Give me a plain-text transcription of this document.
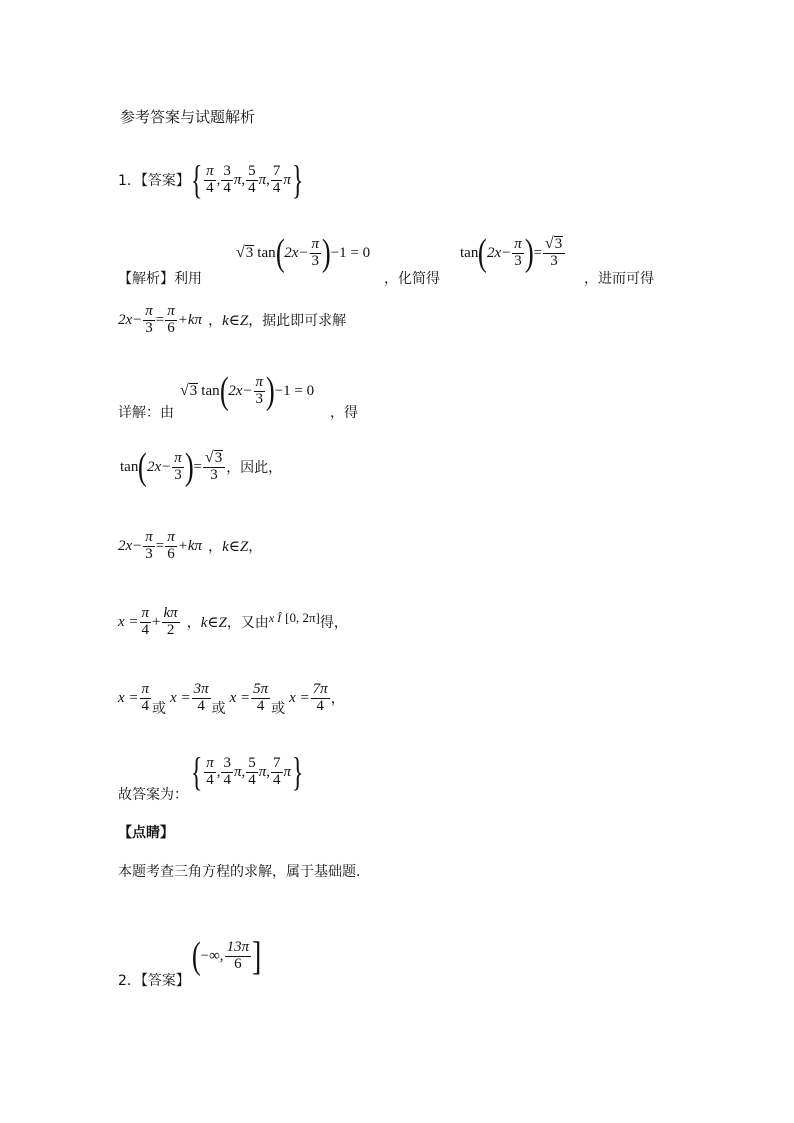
参考答案与试题解析
1．【答案】 { $\frac{\pi}{4}$ , $\frac{3}{4}$ π , $\frac{5}{4}$ π , $\frac{7}{4}$ π }
【解析】利用
√ 3 tan ( $2x- \frac{\pi}{3}$ ) −1 = 0
，化简得
tan ( $2x- \frac{\pi}{3}$ ) = $\frac{√ 3}{3}$
，进而可得
$2x- \frac{\pi}{3} = \frac{\pi}{6} +k\pi$ ， k∈Z ，据此即可求解
详解：由
√ 3 tan ( $2x- \frac{\pi}{3}$ ) −1 = 0
，得
tan ( $2x- \frac{\pi}{3}$ ) = $\frac{√ 3}{3}$ ，因此，
$2x- \frac{\pi}{3} = \frac{\pi}{6} +k\pi$ ， k∈Z ，
$x = \frac{\pi}{4} + \frac{k\pi}{2}$ ， k∈Z ，又由 x Î [0, 2π] 得，
$x = \frac{\pi}{4}$ 或
$x = \frac{3\pi}{4}$ 或
$x = \frac{5\pi}{4}$ 或
$x = \frac{7\pi}{4}$ ，
故答案为：
{ $\frac{\pi}{4}$ , $\frac{3}{4}$ π , $\frac{5}{4}$ π , $\frac{7}{4}$ π }
【点睛】
本题考查三角方程的求解，属于基础题.
2．【答案】
( −∞, $\frac{13\pi}{6}$ ]
